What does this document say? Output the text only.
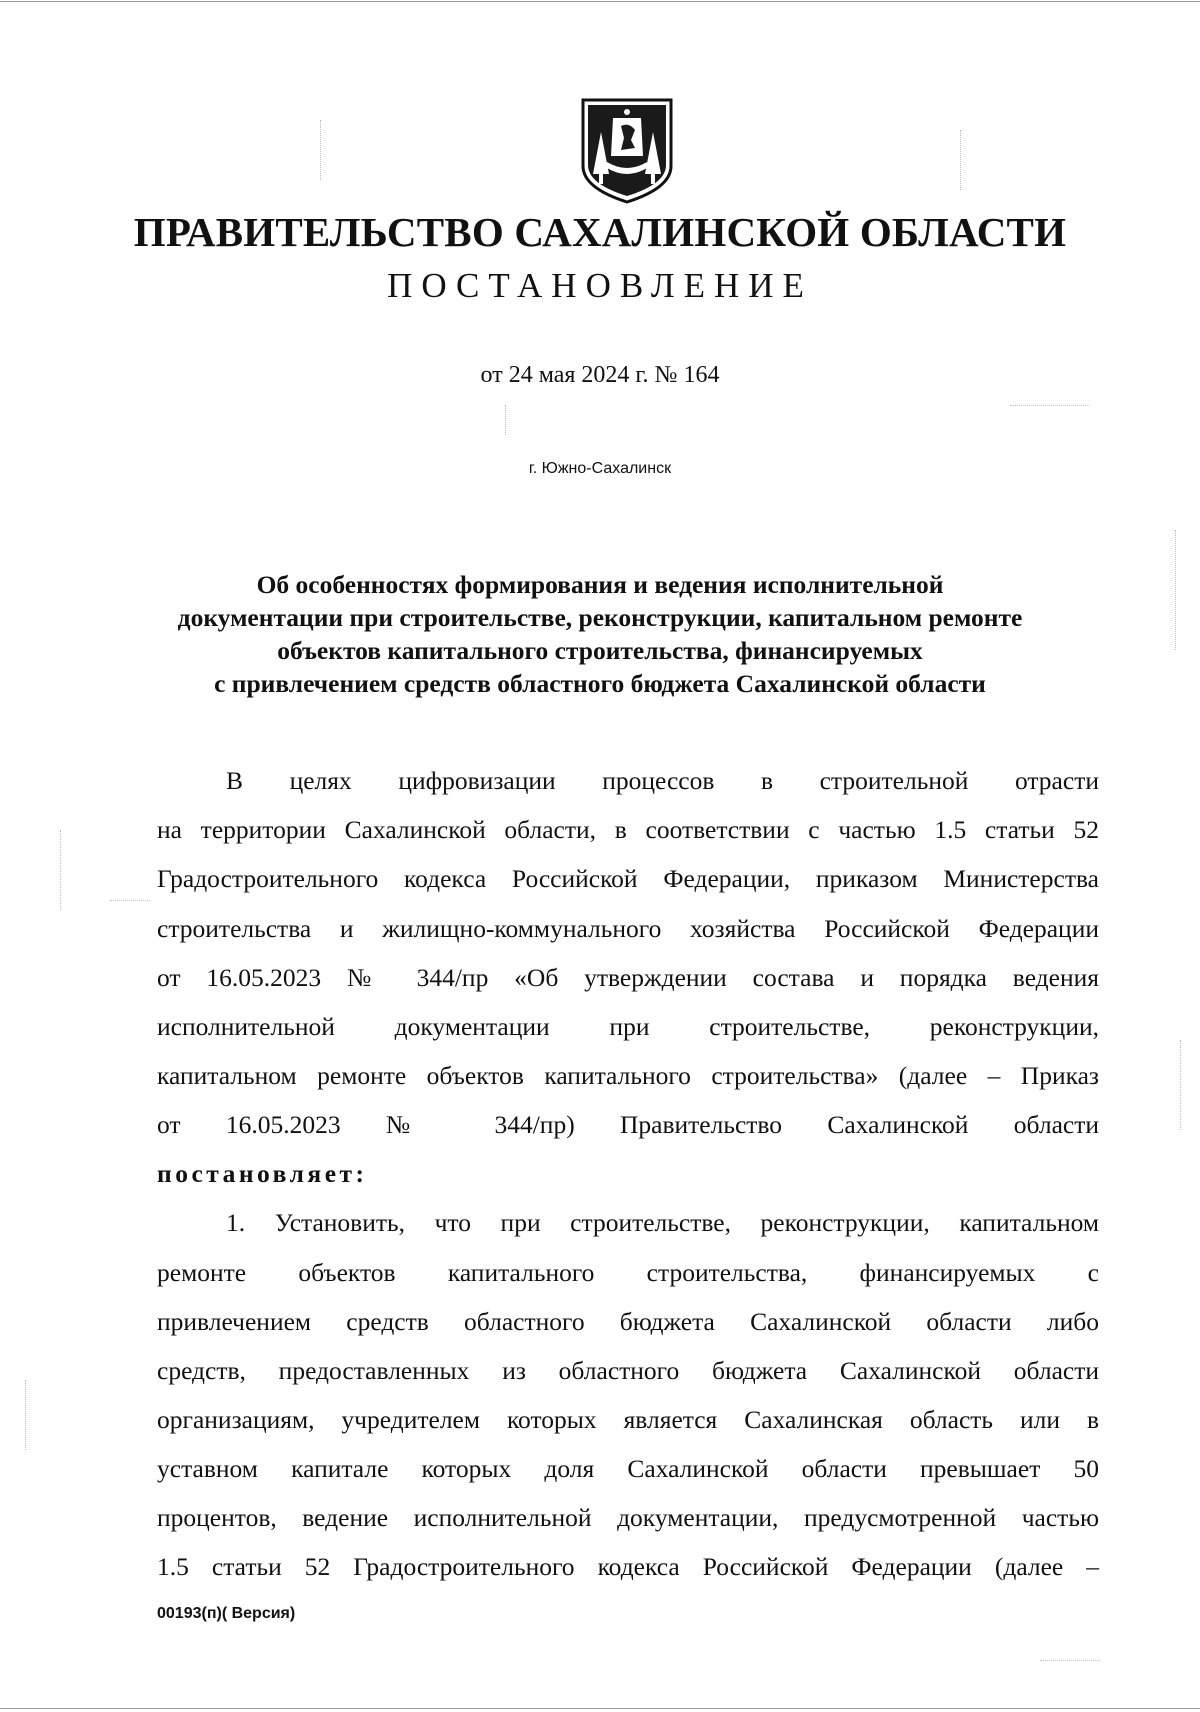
ПРАВИТЕЛЬСТВО САХАЛИНСКОЙ ОБЛАСТИ
ПОСТАНОВЛЕНИЕ
от 24 мая 2024 г. № 164
г. Южно-Сахалинск
Об особенностях формирования и ведения исполнительной
документации при строительстве, реконструкции, капитальном ремонте
объектов капитального строительства, финансируемых
с привлечением средств областного бюджета Сахалинской области
В целях цифровизации процессов в строительной отрасти
на территории Сахалинской области, в соответствии с частью 1.5 статьи 52
Градостроительного кодекса Российской Федерации, приказом Министерства
строительства и жилищно-коммунального хозяйства Российской Федерации
от 16.05.2023 № 344/пр «Об утверждении состава и порядка ведения
исполнительной документации при строительстве, реконструкции,
капитальном ремонте объектов капитального строительства» (далее – Приказ
от 16.05.2023 № 344/пр) Правительство Сахалинской области
постановляет:
1. Установить, что при строительстве, реконструкции, капитальном
ремонте объектов капитального строительства, финансируемых с
привлечением средств областного бюджета Сахалинской области либо
средств, предоставленных из областного бюджета Сахалинской области
организациям, учредителем которых является Сахалинская область или в
уставном капитале которых доля Сахалинской области превышает 50
процентов, ведение исполнительной документации, предусмотренной частью
1.5 статьи 52 Градостроительного кодекса Российской Федерации (далее –
00193(п)( Версия)
